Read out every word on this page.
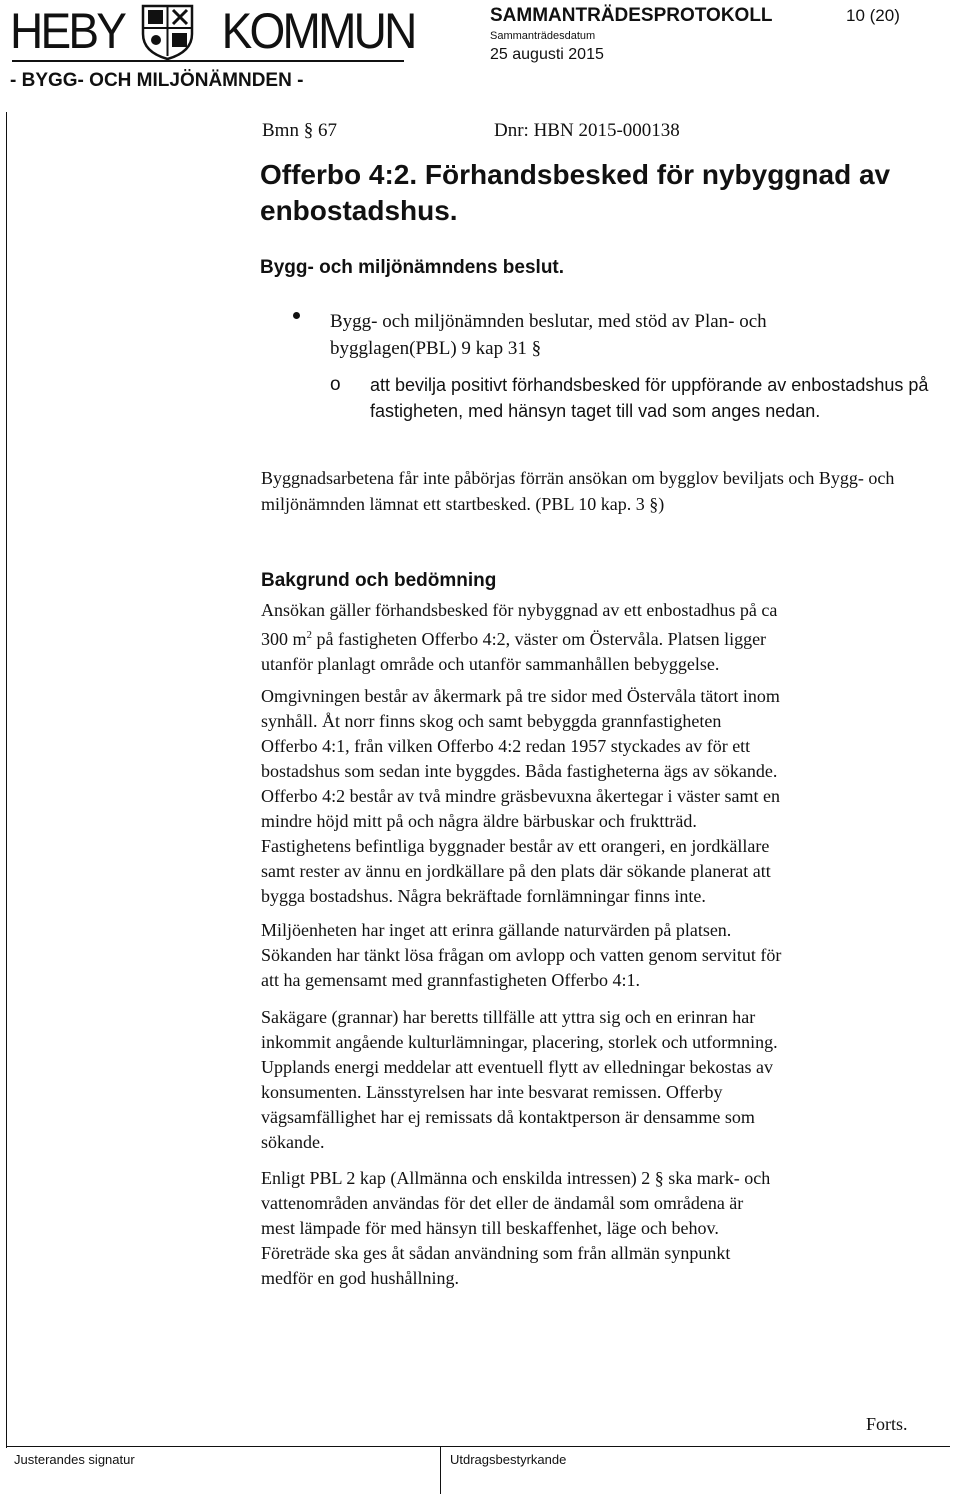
HEBY KOMMUN
- BYGG- OCH MILJÖNÄMNDEN -
SAMMANTRÄDESPROTOKOLL
Sammanträdesdatum
25 augusti 2015
10 (20)
Bmn § 67	Dnr: HBN 2015-000138
Offerbo 4:2. Förhandsbesked för nybyggnad av enbostadshus.
Bygg- och miljönämndens beslut.
Bygg- och miljönämnden beslutar, med stöd av Plan- och bygglagen(PBL) 9 kap 31 §
o att bevilja positivt förhandsbesked för uppförande av enbostadshus på fastigheten, med hänsyn taget till vad som anges nedan.
Byggnadsarbetena får inte påbörjas förrän ansökan om bygglov beviljats och Bygg- och miljönämnden lämnat ett startbesked. (PBL 10 kap. 3 §)
Bakgrund och bedömning
Ansökan gäller förhandsbesked för nybyggnad av ett enbostadhus på ca
300 $m^2$ på fastigheten Offerbo 4:2, väster om Östervåla. Platsen ligger
utanför planlagt område och utanför sammanhållen bebyggelse.
Omgivningen består av åkermark på tre sidor med Östervåla tätort inom
synhåll. Åt norr finns skog och samt bebyggda grannfastigheten
Offerbo 4:1, från vilken Offerbo 4:2 redan 1957 styckades av för ett
bostadshus som sedan inte byggdes. Båda fastigheterna ägs av sökande.
Offerbo 4:2 består av två mindre gräsbevuxna åkertegar i väster samt en
mindre höjd mitt på och några äldre bärbuskar och fruktträd.
Fastighetens befintliga byggnader består av ett orangeri, en jordkällare
samt rester av ännu en jordkällare på den plats där sökande planerat att
bygga bostadshus. Några bekräftade fornlämningar finns inte.
Miljöenheten har inget att erinra gällande naturvärden på platsen.
Sökanden har tänkt lösa frågan om avlopp och vatten genom servitut för
att ha gemensamt med grannfastigheten Offerbo 4:1.
Sakägare (grannar) har beretts tillfälle att yttra sig och en erinran har
inkommit angående kulturlämningar, placering, storlek och utformning.
Upplands energi meddelar att eventuell flytt av elledningar bekostas av
konsumenten. Länsstyrelsen har inte besvarat remissen. Offerby
vägsamfällighet har ej remissats då kontaktperson är densamme som
sökande.
Enligt PBL 2 kap (Allmänna och enskilda intressen) 2 § ska mark- och
vattenområden användas för det eller de ändamål som områdena är
mest lämpade för med hänsyn till beskaffenhet, läge och behov.
Företräde ska ges åt sådan användning som från allmän synpunkt
medför en god hushållning.
Forts.
Justerandes signatur	Utdragsbestyrkande
